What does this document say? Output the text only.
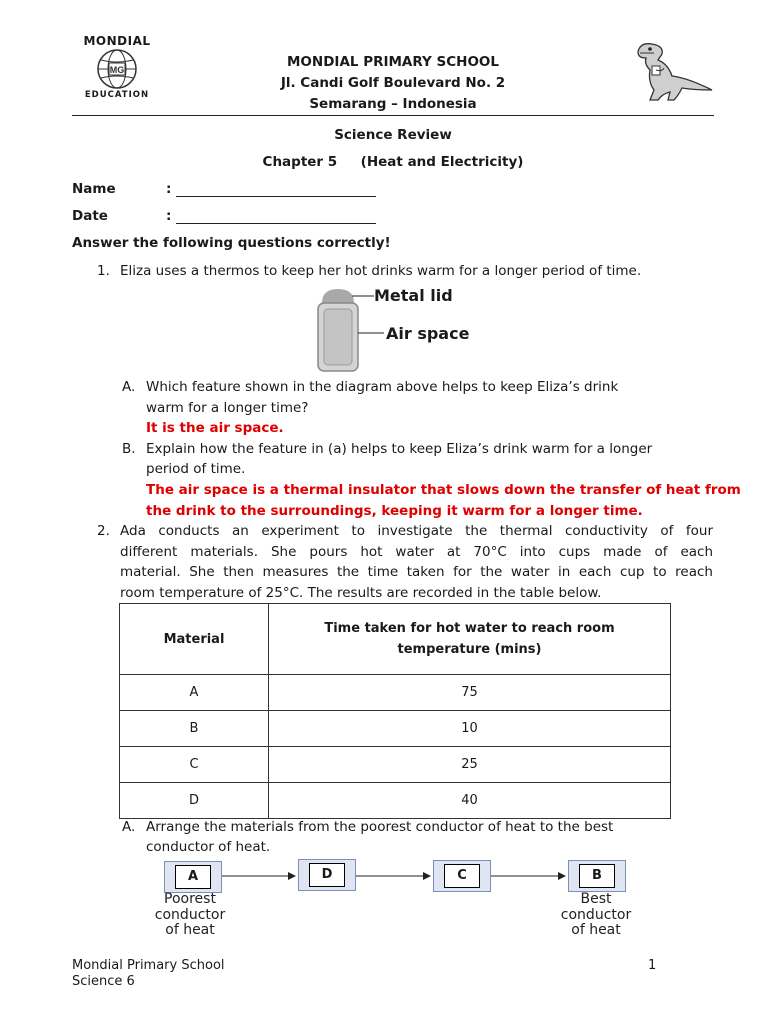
MONDIAL
MG
EDUCATION
MONDIAL PRIMARY SCHOOL
Jl. Candi Golf Boulevard No. 2
Semarang – Indonesia
Science Review
Chapter 5     (Heat and Electricity)
Name	:
Date	:
Answer the following questions correctly!
1. Eliza uses a thermos to keep her hot drinks warm for a longer period of time.
Metal lid
Air space
A. Which feature shown in the diagram above helps to keep Eliza’s drink
warm for a longer time?
It is the air space.
B. Explain how the feature in (a) helps to keep Eliza’s drink warm for a longer
period of time.
The air space is a thermal insulator that slows down the transfer of heat from
the drink to the surroundings, keeping it warm for a longer time.
2. Ada conducts an experiment to investigate the thermal conductivity of four
different materials. She pours hot water at 70°C into cups made of each
material. She then measures the time taken for the water in each cup to reach
room temperature of 25°C. The results are recorded in the table below.
Material	Time taken for hot water to reach room temperature (mins)
A	75
B	10
C	25
D	40
A. Arrange the materials from the poorest conductor of heat to the best
conductor of heat.
A	D	C	B
Poorest
conductor
of heat
Best
conductor
of heat
Mondial Primary School
Science 6
1
